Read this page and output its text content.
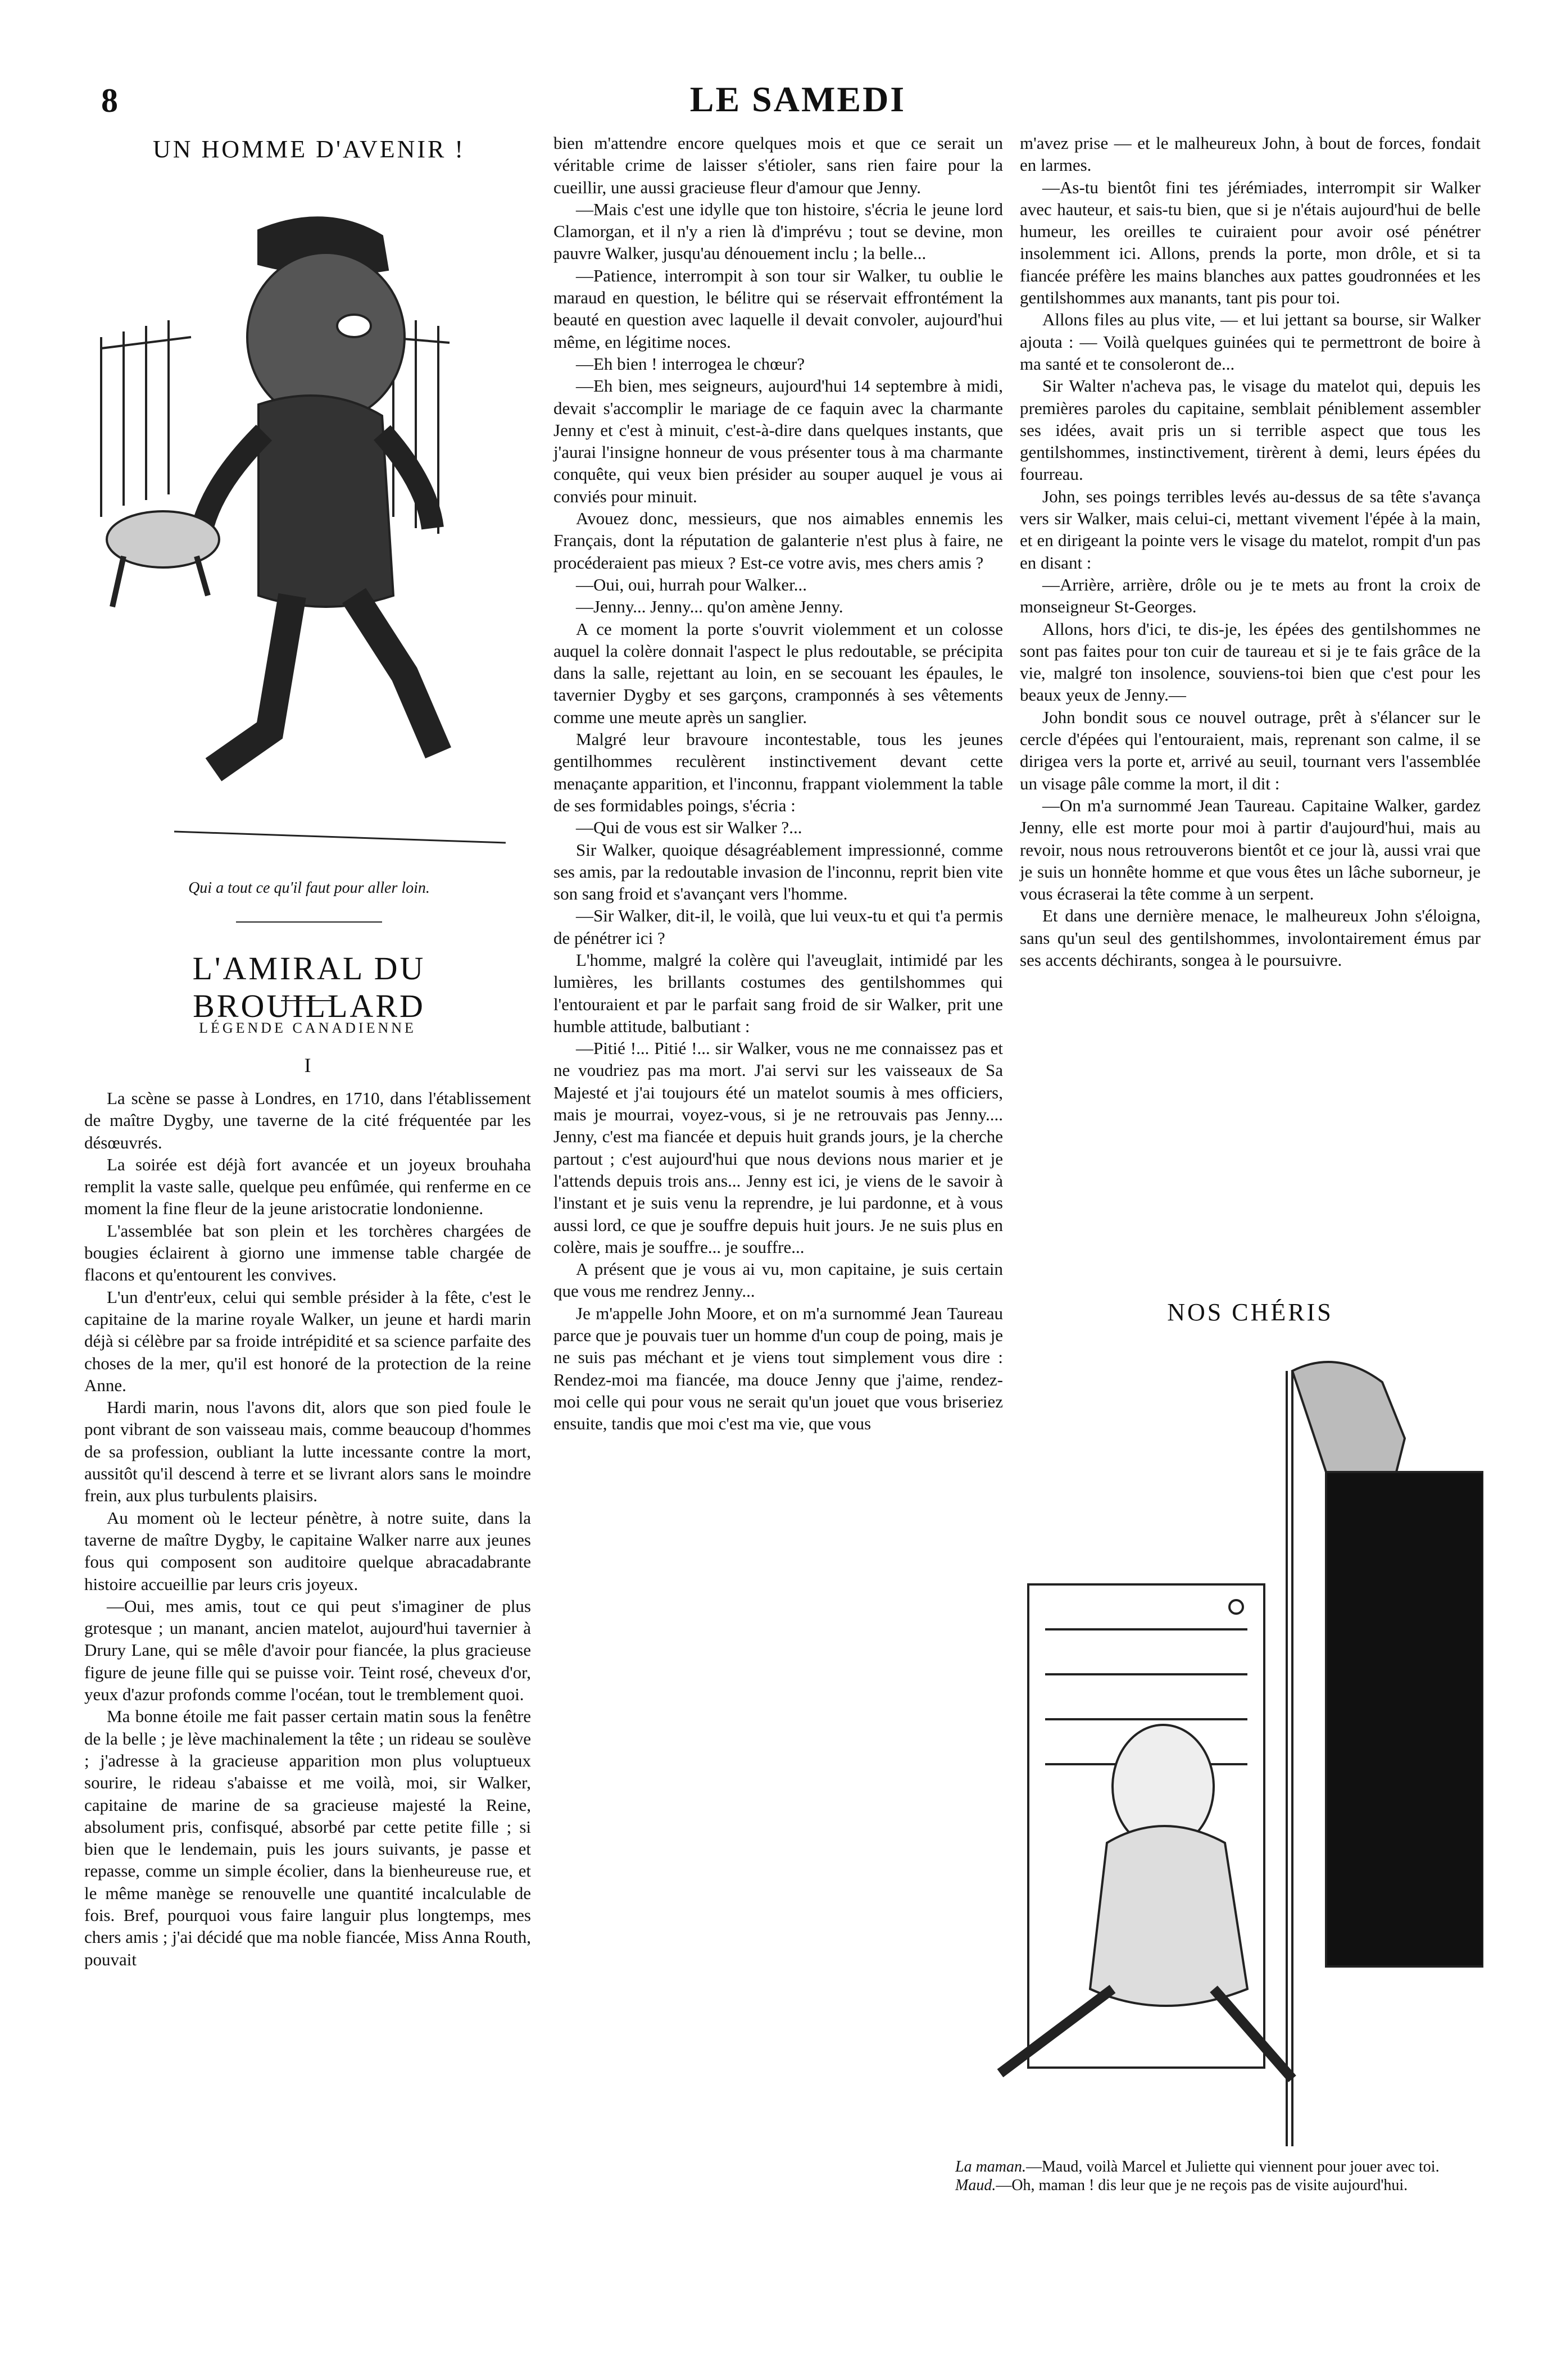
8	LE SAMEDI
UN HOMME D'AVENIR !
Qui a tout ce qu'il faut pour aller loin.
L'AMIRAL DU BROUILLARD
LÉGENDE CANADIENNE
I

La scène se passe à Londres, en 1710, dans l'établissement de maître Dygby, une taverne de la cité fréquentée par les désœuvrés.

La soirée est déjà fort avancée et un joyeux brouhaha remplit la vaste salle, quelque peu enfûmée, qui renferme en ce moment la fine fleur de la jeune aristocratie londonienne.

L'assemblée bat son plein et les torchères chargées de bougies éclairent à giorno une immense table chargée de flacons et qu'entourent les convives.

L'un d'entr'eux, celui qui semble présider à la fête, c'est le capitaine de la marine royale Walker, un jeune et hardi marin déjà si célèbre par sa froide intrépidité et sa science parfaite des choses de la mer, qu'il est honoré de la protection de la reine Anne.

Hardi marin, nous l'avons dit, alors que son pied foule le pont vibrant de son vaisseau mais, comme beaucoup d'hommes de sa profession, oubliant la lutte incessante contre la mort, aussitôt qu'il descend à terre et se livrant alors sans le moindre frein, aux plus turbulents plaisirs.

Au moment où le lecteur pénètre, à notre suite, dans la taverne de maître Dygby, le capitaine Walker narre aux jeunes fous qui composent son auditoire quelque abracadabrante histoire accueillie par leurs cris joyeux.

—Oui, mes amis, tout ce qui peut s'imaginer de plus grotesque ; un manant, ancien matelot, aujourd'hui tavernier à Drury Lane, qui se mêle d'avoir pour fiancée, la plus gracieuse figure de jeune fille qui se puisse voir. Teint rosé, cheveux d'or, yeux d'azur profonds comme l'océan, tout le tremblement quoi.

Ma bonne étoile me fait passer certain matin sous la fenêtre de la belle ; je lève machinalement la tête ; un rideau se soulève ; j'adresse à la gracieuse apparition mon plus voluptueux sourire, le rideau s'abaisse et me voilà, moi, sir Walker, capitaine de marine de sa gracieuse majesté la Reine, absolument pris, confisqué, absorbé par cette petite fille ; si bien que le lendemain, puis les jours suivants, je passe et repasse, comme un simple écolier, dans la bienheureuse rue, et le même manège se renouvelle une quantité incalculable de fois. Bref, pourquoi vous faire languir plus longtemps, mes chers amis ; j'ai décidé que ma noble fiancée, Miss Anna Routh, pouvait

bien m'attendre encore quelques mois et que ce serait un véritable crime de laisser s'étioler, sans rien faire pour la cueillir, une aussi gracieuse fleur d'amour que Jenny.

—Mais c'est une idylle que ton histoire, s'écria le jeune lord Clamorgan, et il n'y a rien là d'imprévu ; tout se devine, mon pauvre Walker, jusqu'au dénouement inclu ; la belle...

—Patience, interrompit à son tour sir Walker, tu oublie le maraud en question, le bélitre qui se réservait effrontément la beauté en question avec laquelle il devait convoler, aujourd'hui même, en légitime noces.

—Eh bien ! interrogea le chœur?

—Eh bien, mes seigneurs, aujourd'hui 14 septembre à midi, devait s'accomplir le mariage de ce faquin avec la charmante Jenny et c'est à minuit, c'est-à-dire dans quelques instants, que j'aurai l'insigne honneur de vous présenter tous à ma charmante conquête, qui veux bien présider au souper auquel je vous ai conviés pour minuit.

Avouez donc, messieurs, que nos aimables ennemis les Français, dont la réputation de galanterie n'est plus à faire, ne procéderaient pas mieux ? Est-ce votre avis, mes chers amis ?

—Oui, oui, hurrah pour Walker...

—Jenny... Jenny... qu'on amène Jenny.

A ce moment la porte s'ouvrit violemment et un colosse auquel la colère donnait l'aspect le plus redoutable, se précipita dans la salle, rejettant au loin, en se secouant les épaules, le tavernier Dygby et ses garçons, cramponnés à ses vêtements comme une meute après un sanglier.

Malgré leur bravoure incontestable, tous les jeunes gentilhommes reculèrent instinctivement devant cette menaçante apparition, et l'inconnu, frappant violemment la table de ses formidables poings, s'écria :

—Qui de vous est sir Walker ?...

Sir Walker, quoique désagréablement impressionné, comme ses amis, par la redoutable invasion de l'inconnu, reprit bien vite son sang froid et s'avançant vers l'homme.

—Sir Walker, dit-il, le voilà, que lui veux-tu et qui t'a permis de pénétrer ici ?

L'homme, malgré la colère qui l'aveuglait, intimidé par les lumières, les brillants costumes des gentilshommes qui l'entouraient et par le parfait sang froid de sir Walker, prit une humble attitude, balbutiant :

—Pitié !... Pitié !... sir Walker, vous ne me connaissez pas et ne voudriez pas ma mort. J'ai servi sur les vaisseaux de Sa Majesté et j'ai toujours été un matelot soumis à mes officiers, mais je mourrai, voyez-vous, si je ne retrouvais pas Jenny.... Jenny, c'est ma fiancée et depuis huit grands jours, je la cherche partout ; c'est aujourd'hui que nous devions nous marier et je l'attends depuis trois ans... Jenny est ici, je viens de le savoir à l'instant et je suis venu la reprendre, je lui pardonne, et à vous aussi lord, ce que je souffre depuis huit jours. Je ne suis plus en colère, mais je souffre... je souffre...

A présent que je vous ai vu, mon capitaine, je suis certain que vous me rendrez Jenny...

Je m'appelle John Moore, et on m'a surnommé Jean Taureau parce que je pouvais tuer un homme d'un coup de poing, mais je ne suis pas méchant et je viens tout simplement vous dire : Rendez-moi ma fiancée, ma douce Jenny que j'aime, rendez-moi celle qui pour vous ne serait qu'un jouet que vous briseriez ensuite, tandis que moi c'est ma vie, que vous

m'avez prise — et le malheureux John, à bout de forces, fondait en larmes.

—As-tu bientôt fini tes jérémiades, interrompit sir Walker avec hauteur, et sais-tu bien, que si je n'étais aujourd'hui de belle humeur, les oreilles te cuiraient pour avoir osé pénétrer insolemment ici. Allons, prends la porte, mon drôle, et si ta fiancée préfère les mains blanches aux pattes goudronnées et les gentilshommes aux manants, tant pis pour toi.

Allons files au plus vite, — et lui jettant sa bourse, sir Walker ajouta : — Voilà quelques guinées qui te permettront de boire à ma santé et te consoleront de...

Sir Walter n'acheva pas, le visage du matelot qui, depuis les premières paroles du capitaine, semblait péniblement assembler ses idées, avait pris un si terrible aspect que tous les gentilshommes, instinctivement, tirèrent à demi, leurs épées du fourreau.

John, ses poings terribles levés au-dessus de sa tête s'avança vers sir Walker, mais celui-ci, mettant vivement l'épée à la main, et en dirigeant la pointe vers le visage du matelot, rompit d'un pas en disant :

—Arrière, arrière, drôle ou je te mets au front la croix de monseigneur St-Georges.

Allons, hors d'ici, te dis-je, les épées des gentilshommes ne sont pas faites pour ton cuir de taureau et si je te fais grâce de la vie, malgré ton insolence, souviens-toi bien que c'est pour les beaux yeux de Jenny.—

John bondit sous ce nouvel outrage, prêt à s'élancer sur le cercle d'épées qui l'entouraient, mais, reprenant son calme, il se dirigea vers la porte et, arrivé au seuil, tournant vers l'assemblée un visage pâle comme la mort, il dit :

—On m'a surnommé Jean Taureau. Capitaine Walker, gardez Jenny, elle est morte pour moi à partir d'aujourd'hui, mais au revoir, nous nous retrouverons bientôt et ce jour là, aussi vrai que je suis un honnête homme et que vous êtes un lâche suborneur, je vous écraserai la tête comme à un serpent.

Et dans une dernière menace, le malheureux John s'éloigna, sans qu'un seul des gentilshommes, involontairement émus par ses accents déchirants, songea à le poursuivre.

NOS CHÉRIS
La maman.—Maud, voilà Marcel et Juliette qui viennent pour jouer avec toi.
Maud.—Oh, maman ! dis leur que je ne reçois pas de visite aujourd'hui.
